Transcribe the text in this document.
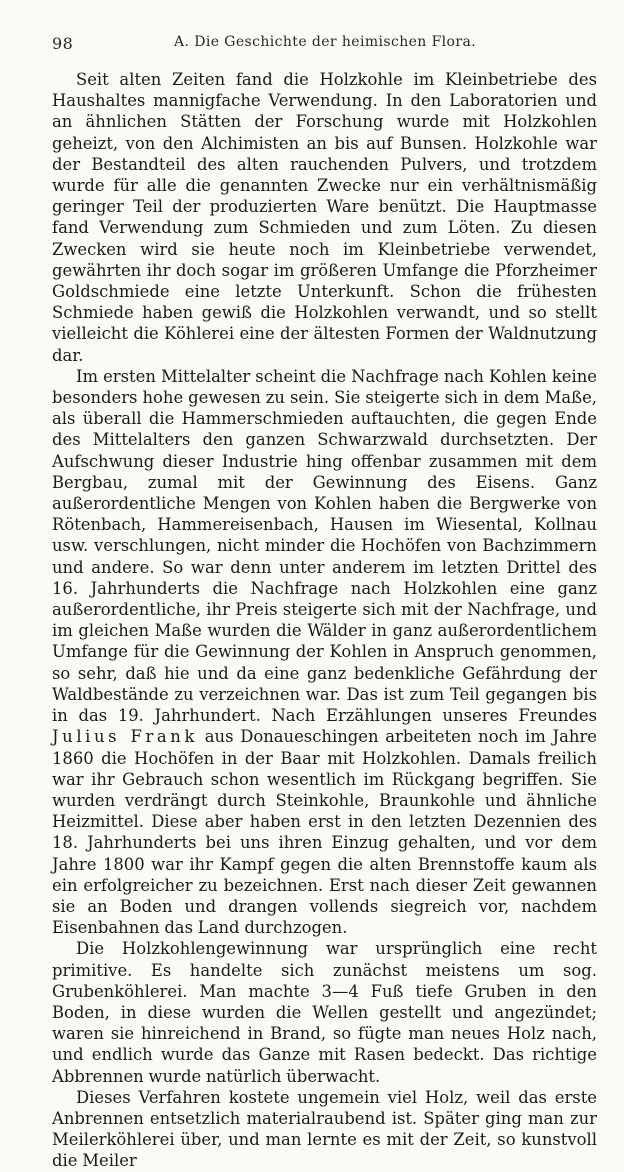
98	A. Die Geschichte der heimischen Flora.

Seit alten Zeiten fand die Holzkohle im Kleinbetriebe des Haushaltes mannigfache Verwendung. In den Laboratorien und an ähnlichen Stätten der Forschung wurde mit Holzkohlen geheizt, von den Alchimisten an bis auf Bunsen. Holzkohle war der Bestandteil des alten rauchenden Pulvers, und trotzdem wurde für alle die genannten Zwecke nur ein verhältnismäßig geringer Teil der produzierten Ware benützt. Die Hauptmasse fand Verwendung zum Schmieden und zum Löten. Zu diesen Zwecken wird sie heute noch im Kleinbetriebe verwendet, gewährten ihr doch sogar im größeren Umfange die Pforzheimer Goldschmiede eine letzte Unterkunft. Schon die frühesten Schmiede haben gewiß die Holzkohlen verwandt, und so stellt vielleicht die Köhlerei eine der ältesten Formen der Waldnutzung dar.

Im ersten Mittelalter scheint die Nachfrage nach Kohlen keine besonders hohe gewesen zu sein. Sie steigerte sich in dem Maße, als überall die Hammerschmieden auftauchten, die gegen Ende des Mittelalters den ganzen Schwarzwald durchsetzten. Der Aufschwung dieser Industrie hing offenbar zusammen mit dem Bergbau, zumal mit der Gewinnung des Eisens. Ganz außerordentliche Mengen von Kohlen haben die Bergwerke von Rötenbach, Hammereisenbach, Hausen im Wiesental, Kollnau usw. verschlungen, nicht minder die Hochöfen von Bachzimmern und andere. So war denn unter anderem im letzten Drittel des 16. Jahrhunderts die Nachfrage nach Holzkohlen eine ganz außerordentliche, ihr Preis steigerte sich mit der Nachfrage, und im gleichen Maße wurden die Wälder in ganz außerordentlichem Umfange für die Gewinnung der Kohlen in Anspruch genommen, so sehr, daß hie und da eine ganz bedenkliche Gefährdung der Waldbestände zu verzeichnen war. Das ist zum Teil gegangen bis in das 19. Jahrhundert. Nach Erzählungen unseres Freundes Julius Frank aus Donaueschingen arbeiteten noch im Jahre 1860 die Hochöfen in der Baar mit Holzkohlen. Damals freilich war ihr Gebrauch schon wesentlich im Rückgang begriffen. Sie wurden verdrängt durch Steinkohle, Braunkohle und ähnliche Heizmittel. Diese aber haben erst in den letzten Dezennien des 18. Jahrhunderts bei uns ihren Einzug gehalten, und vor dem Jahre 1800 war ihr Kampf gegen die alten Brennstoffe kaum als ein erfolgreicher zu bezeichnen. Erst nach dieser Zeit gewannen sie an Boden und drangen vollends siegreich vor, nachdem Eisenbahnen das Land durchzogen.

Die Holzkohlengewinnung war ursprünglich eine recht primitive. Es handelte sich zunächst meistens um sog. Grubenköhlerei. Man machte 3—4 Fuß tiefe Gruben in den Boden, in diese wurden die Wellen gestellt und angezündet; waren sie hinreichend in Brand, so fügte man neues Holz nach, und endlich wurde das Ganze mit Rasen bedeckt. Das richtige Abbrennen wurde natürlich überwacht.

Dieses Verfahren kostete ungemein viel Holz, weil das erste Anbrennen entsetzlich materialraubend ist. Später ging man zur Meilerköhlerei über, und man lernte es mit der Zeit, so kunstvoll die Meiler
